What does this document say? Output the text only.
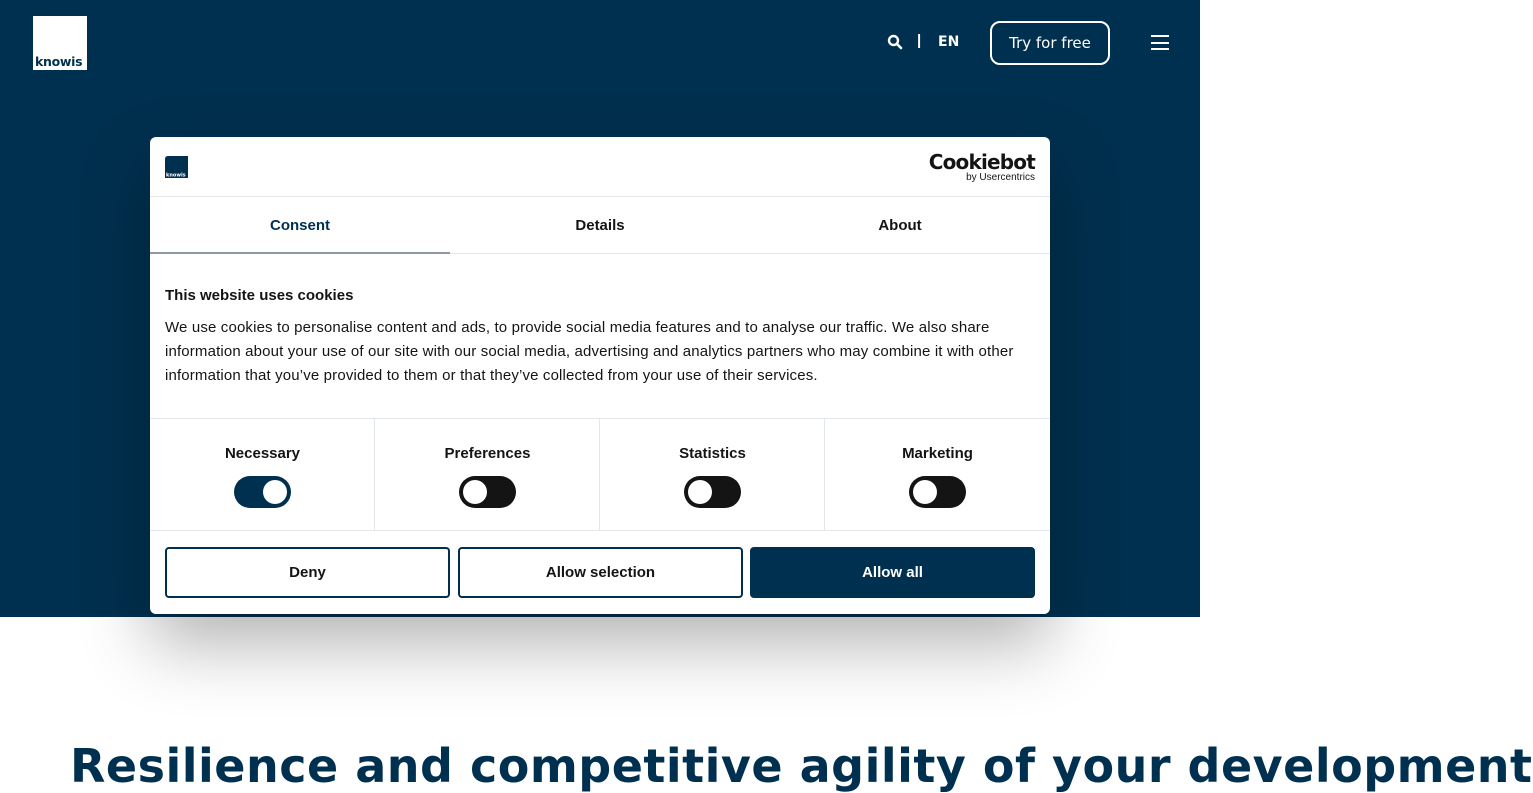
knowis
| EN	Try for free
Resilience and competitive agility of your development
knowis
Cookiebot
by Usercentrics
Consent	Details	About
This website uses cookies
We use cookies to personalise content and ads, to provide social media features and to analyse our traffic. We also share information about your use of our site with our social media, advertising and analytics partners who may combine it with other information that you’ve provided to them or that they’ve collected from your use of their services.
Necessary	Preferences	Statistics	Marketing
Deny	Allow selection	Allow all
